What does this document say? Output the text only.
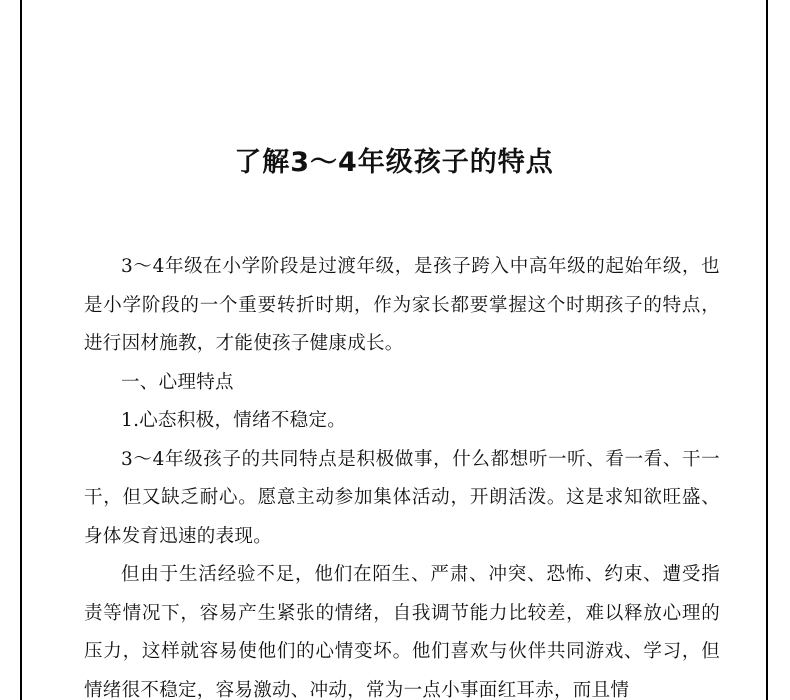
了解3～4年级孩子的特点

3～4年级在小学阶段是过渡年级，是孩子跨入中高年级的起始年级，也是小学阶段的一个重要转折时期，作为家长都要掌握这个时期孩子的特点，进行因材施教，才能使孩子健康成长。

一、心理特点

1.心态积极，情绪不稳定。

3～4年级孩子的共同特点是积极做事，什么都想听一听、看一看、干一干，但又缺乏耐心。愿意主动参加集体活动，开朗活泼。这是求知欲旺盛、身体发育迅速的表现。

但由于生活经验不足，他们在陌生、严肃、冲突、恐怖、约束、遭受指责等情况下，容易产生紧张的情绪，自我调节能力比较差，难以释放心理的压力，这样就容易使他们的心情变坏。他们喜欢与伙伴共同游戏、学习，但情绪很不稳定，容易激动、冲动，常为一点小事面红耳赤，而且情
